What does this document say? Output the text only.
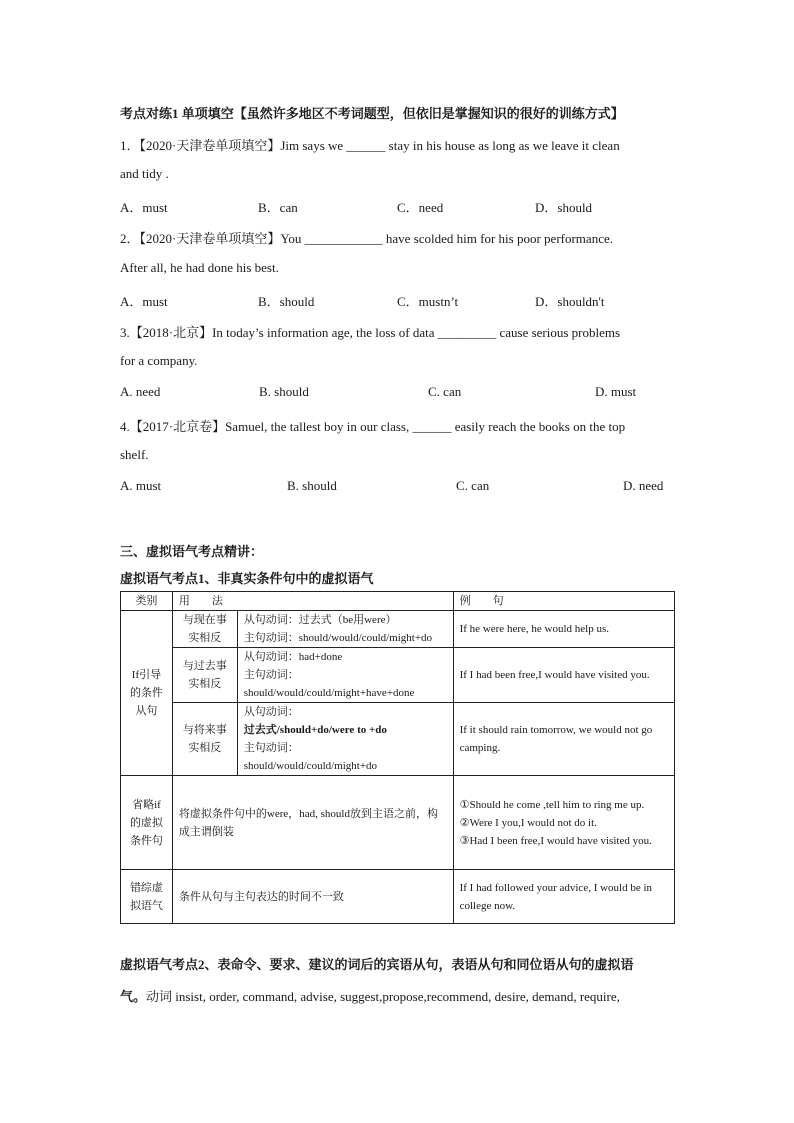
考点对练1 单项填空【虽然许多地区不考词题型，但依旧是掌握知识的很好的训练方式】
1．【2020·天津卷单项填空】Jim says we ______ stay in his house as long as we leave it clean
and tidy .
A．must	B．can	C．need	D．should
2．【2020·天津卷单项填空】You ____________ have scolded him for his poor performance.
After all, he had done his best.
A．must	B．should	C．mustn’t	D．shouldn't
3.【2018·北京】In today’s information age, the loss of data _________ cause serious problems
for a company.
A. need	B. should	C. can	D. must
4.【2017·北京卷】Samuel, the tallest boy in our class, ______ easily reach the books on the top
shelf.
A. must	B. should	C. can	D. need
三、虚拟语气考点精讲：
虚拟语气考点1、非真实条件句中的虚拟语气
类别	用　　法		例　　句
If引导的条件从句	与现在事实相反	从句动词：过去式（be用were）
主句动词：should/would/could/might+do	If he were here, he would help us.
	与过去事实相反	从句动词：had+done
主句动词：
should/would/could/might+have+done	If I had been free,I would have visited you.
	与将来事实相反	从句动词：
过去式/should+do/were to +do
主句动词：
should/would/could/might+do	If it should rain tomorrow, we would not go camping.
省略if的虚拟条件句	将虚拟条件句中的were，had, should放到主语之前，构成主谓倒装		①Should he come ,tell him to ring me up.
②Were I you,I would not do it.
③Had I been free,I would have visited you.

错综虚拟语气	条件从句与主句表达的时间不一致		If I had followed your advice, I would be in college now.
虚拟语气考点2、表命令、要求、建议的词后的宾语从句，表语从句和同位语从句的虚拟语
气。动词 insist, order, command, advise, suggest,propose,recommend, desire, demand, require,
